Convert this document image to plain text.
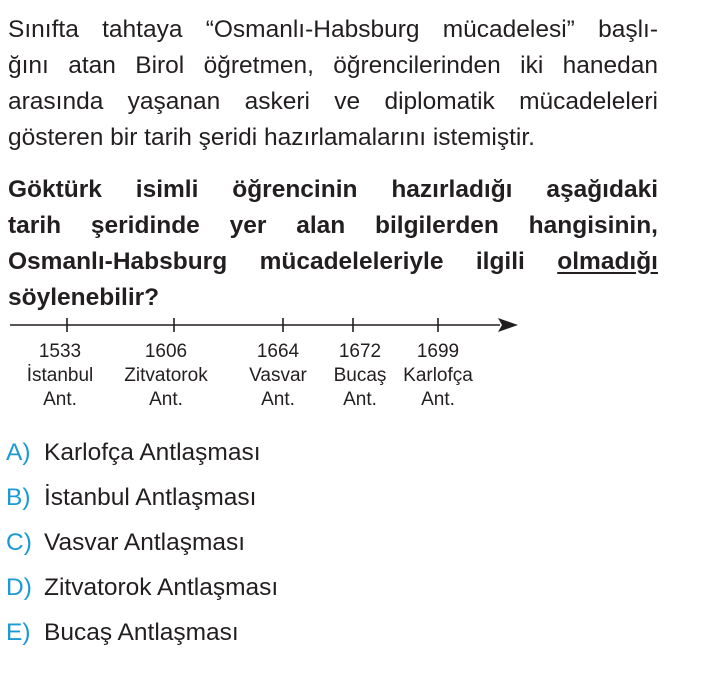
Sınıfta tahtaya “Osmanlı-Habsburg mücadelesi” başlı-
ğını atan Birol öğretmen, öğrencilerinden iki hanedan
arasında yaşanan askeri ve diplomatik mücadeleleri
gösteren bir tarih şeridi hazırlamalarını istemiştir.
Göktürk isimli öğrencinin hazırladığı aşağıdaki
tarih şeridinde yer alan bilgilerden hangisinin,
Osmanlı-Habsburg mücadeleleriyle ilgili olmadığı
söylenebilir?
1533
İstanbul
Ant.
1606
Zitvatorok
Ant.
1664
Vasvar
Ant.
1672
Bucaş
Ant.
1699
Karlofça
Ant.
A) Karlofça Antlaşması
B) İstanbul Antlaşması
C) Vasvar Antlaşması
D) Zitvatorok Antlaşması
E) Bucaş Antlaşması
